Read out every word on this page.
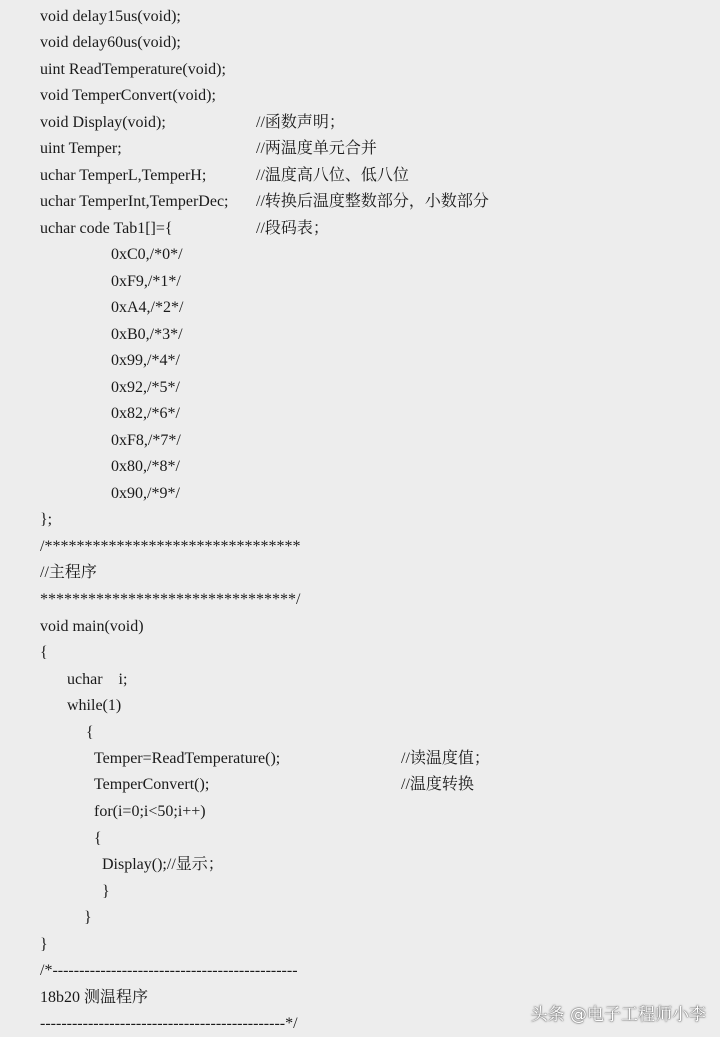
void delay15us(void);
void delay60us(void);
uint ReadTemperature(void);
void TemperConvert(void);
void Display(void);	//函数声明；
uint Temper;	//两温度单元合并
uchar TemperL,TemperH;	//温度高八位、低八位
uchar TemperInt,TemperDec; //转换后温度整数部分，小数部分
uchar code Tab1[]={	//段码表；
0xC0,/*0*/
0xF9,/*1*/
0xA4,/*2*/
0xB0,/*3*/
0x99,/*4*/
0x92,/*5*/
0x82,/*6*/
0xF8,/*7*/
0x80,/*8*/
0x90,/*9*/
};
/********************************
//主程序
********************************/
void main(void)
{
uchar    i;
while(1)
{
Temper=ReadTemperature();	//读温度值；
TemperConvert();	//温度转换
for(i=0;i<50;i++)
{
Display();//显示；
}
}
}
/*----------------------------------------------
18b20 测温程序
----------------------------------------------*/	头条 @电子工程师小李
